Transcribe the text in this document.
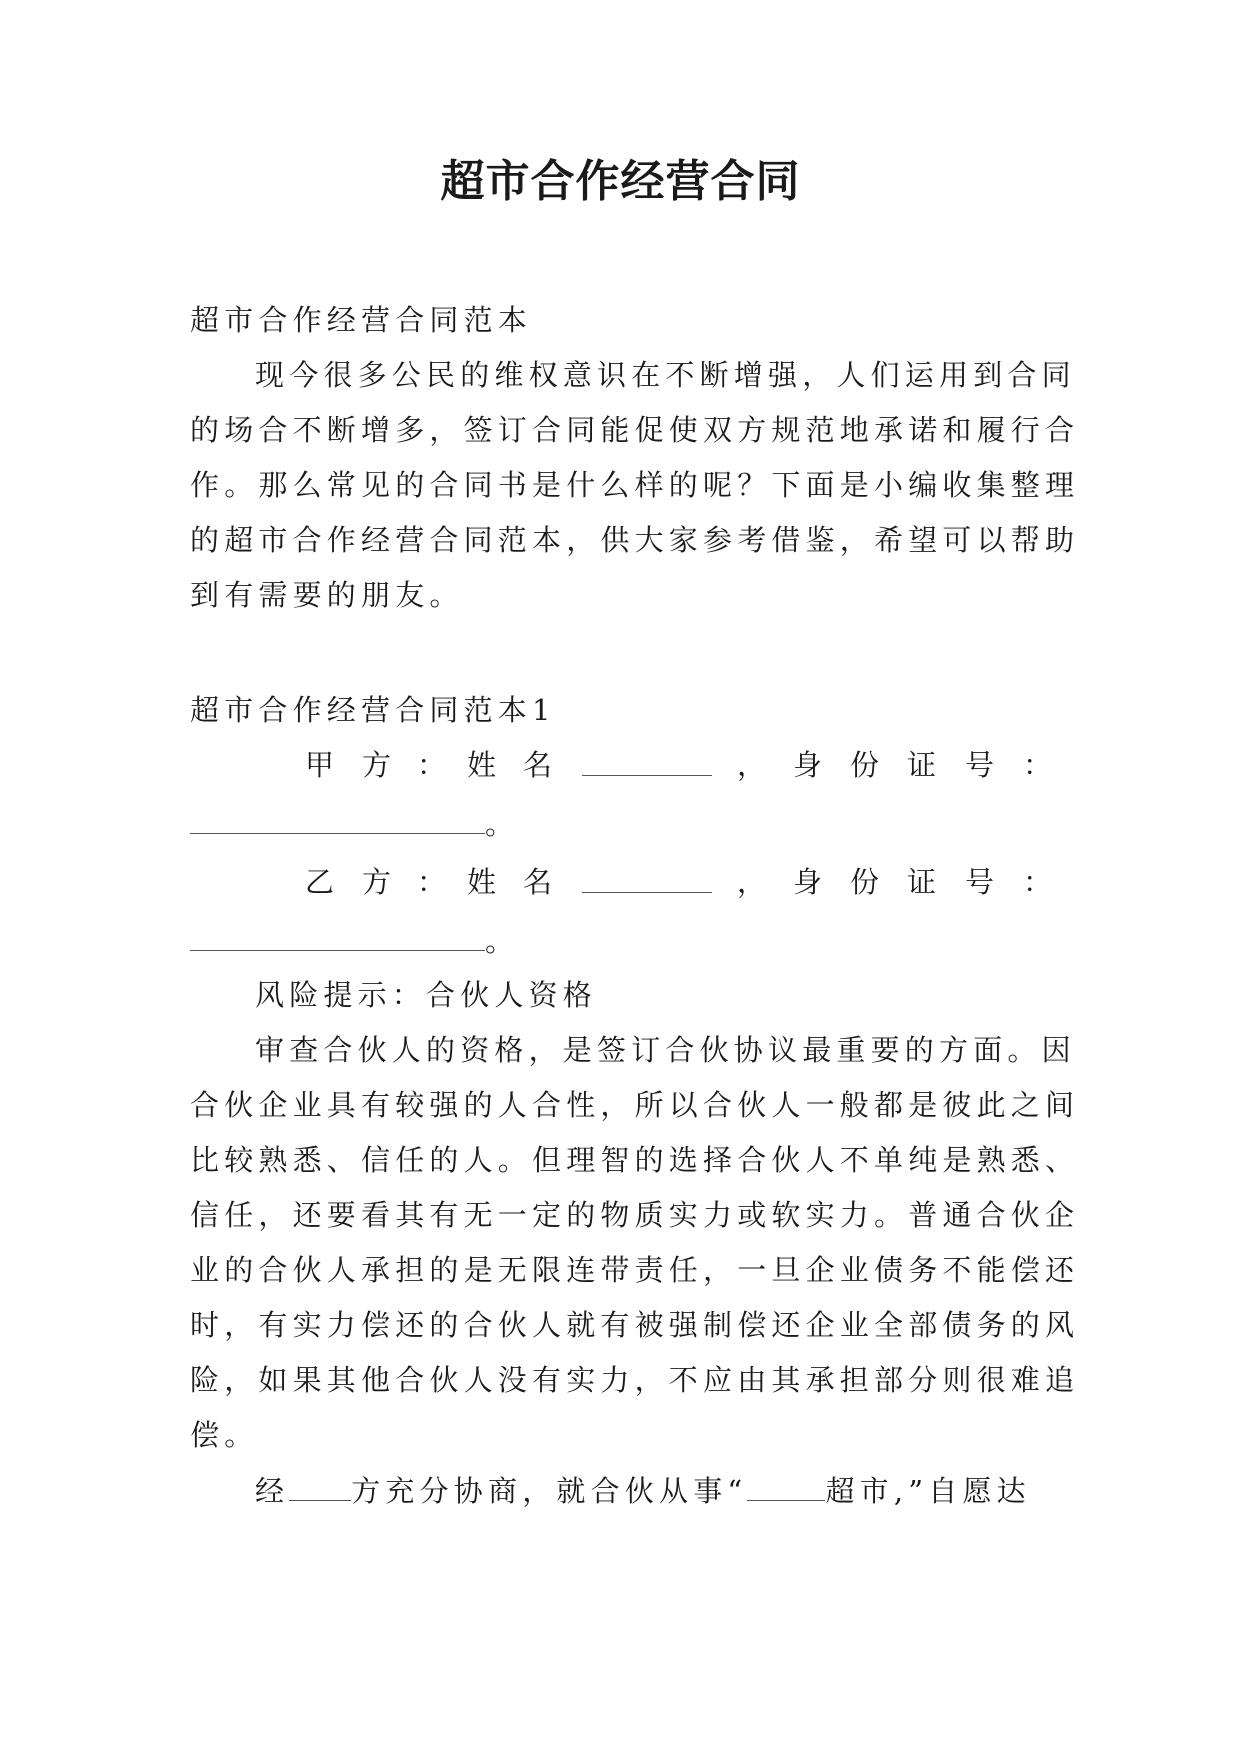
超市合作经营合同

超市合作经营合同范本

现今很多公民的维权意识在不断增强，人们运用到合同

的场合不断增多，签订合同能促使双方规范地承诺和履行合

作。那么常见的合同书是什么样的呢？下面是小编收集整理

的超市合作经营合同范本，供大家参考借鉴，希望可以帮助

到有需要的朋友。

超市合作经营合同范本1

甲 方 ： 姓 名	， 身 份 证 号 ：
。
乙 方 ： 姓 名	， 身 份 证 号 ：
。

风险提示：合伙人资格

审查合伙人的资格，是签订合伙协议最重要的方面。因

合伙企业具有较强的人合性，所以合伙人一般都是彼此之间

比较熟悉、信任的人。但理智的选择合伙人不单纯是熟悉、

信任，还要看其有无一定的物质实力或软实力。普通合伙企

业的合伙人承担的是无限连带责任，一旦企业债务不能偿还

时，有实力偿还的合伙人就有被强制偿还企业全部债务的风

险，如果其他合伙人没有实力，不应由其承担部分则很难追

偿。

经 方充分协商，就合伙从事“	超市,”自愿达
